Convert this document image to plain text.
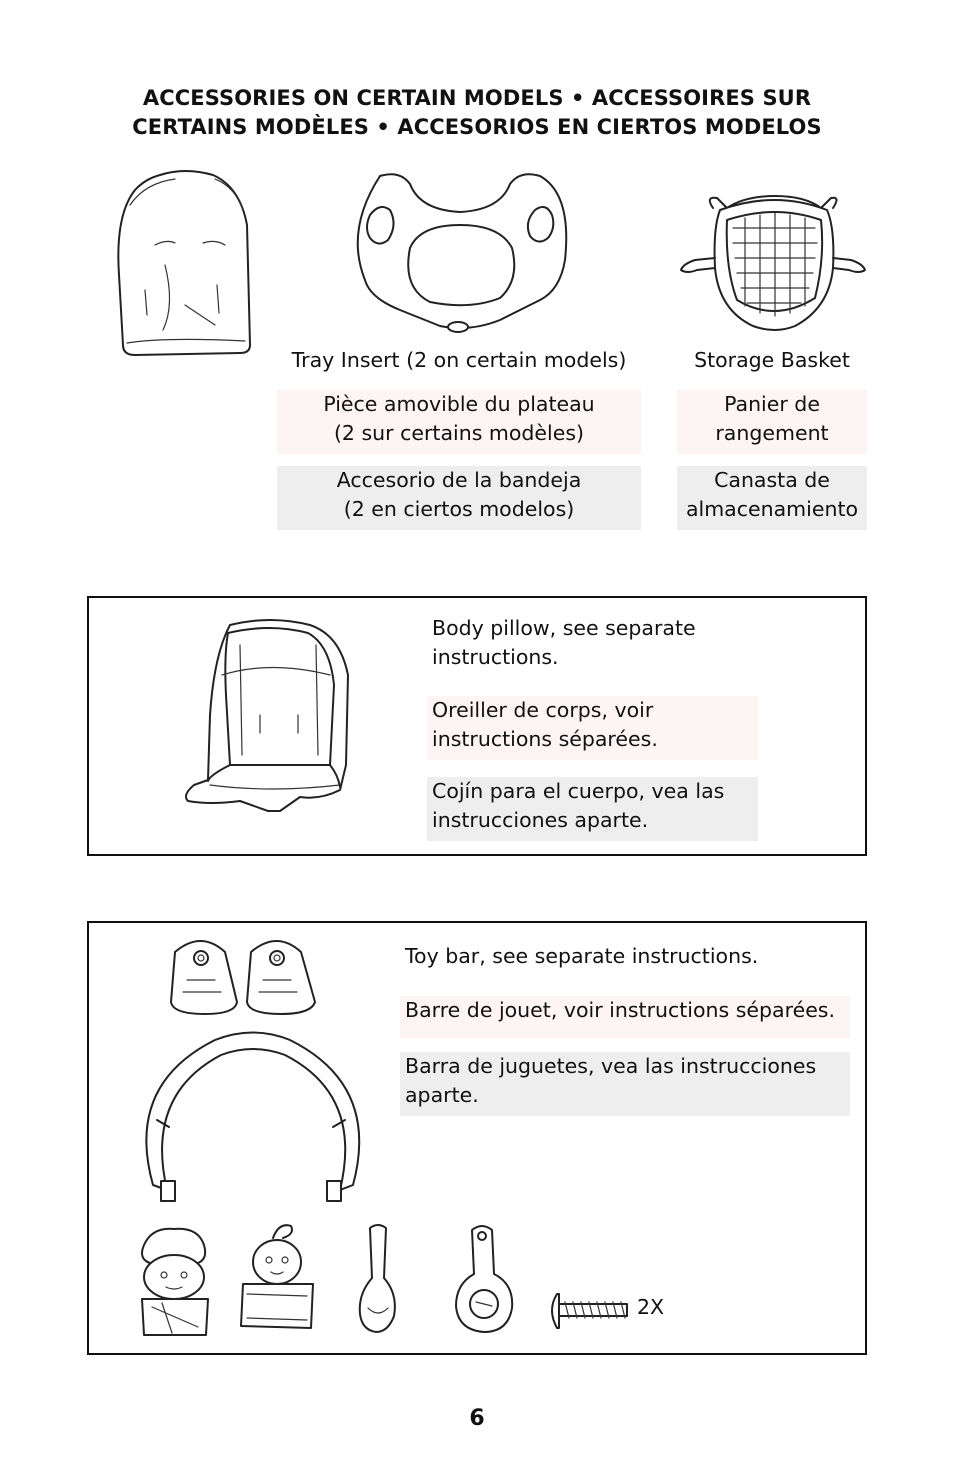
ACCESSORIES ON CERTAIN MODELS • ACCESSOIRES SUR
CERTAINS MODÈLES • ACCESORIOS EN CIERTOS MODELOS
Tray Insert (2 on certain models)
Pièce amovible du plateau
(2 sur certains modèles)
Accesorio de la bandeja
(2 en ciertos modelos)
Storage Basket
Panier de
rangement
Canasta de
almacenamiento
Body pillow, see separate
instructions.
Oreiller de corps, voir
instructions séparées.
Cojín para el cuerpo, vea las
instrucciones aparte.
Toy bar, see separate instructions.
Barre de jouet, voir instructions séparées.
Barra de juguetes, vea las instrucciones
aparte.
2X
6
